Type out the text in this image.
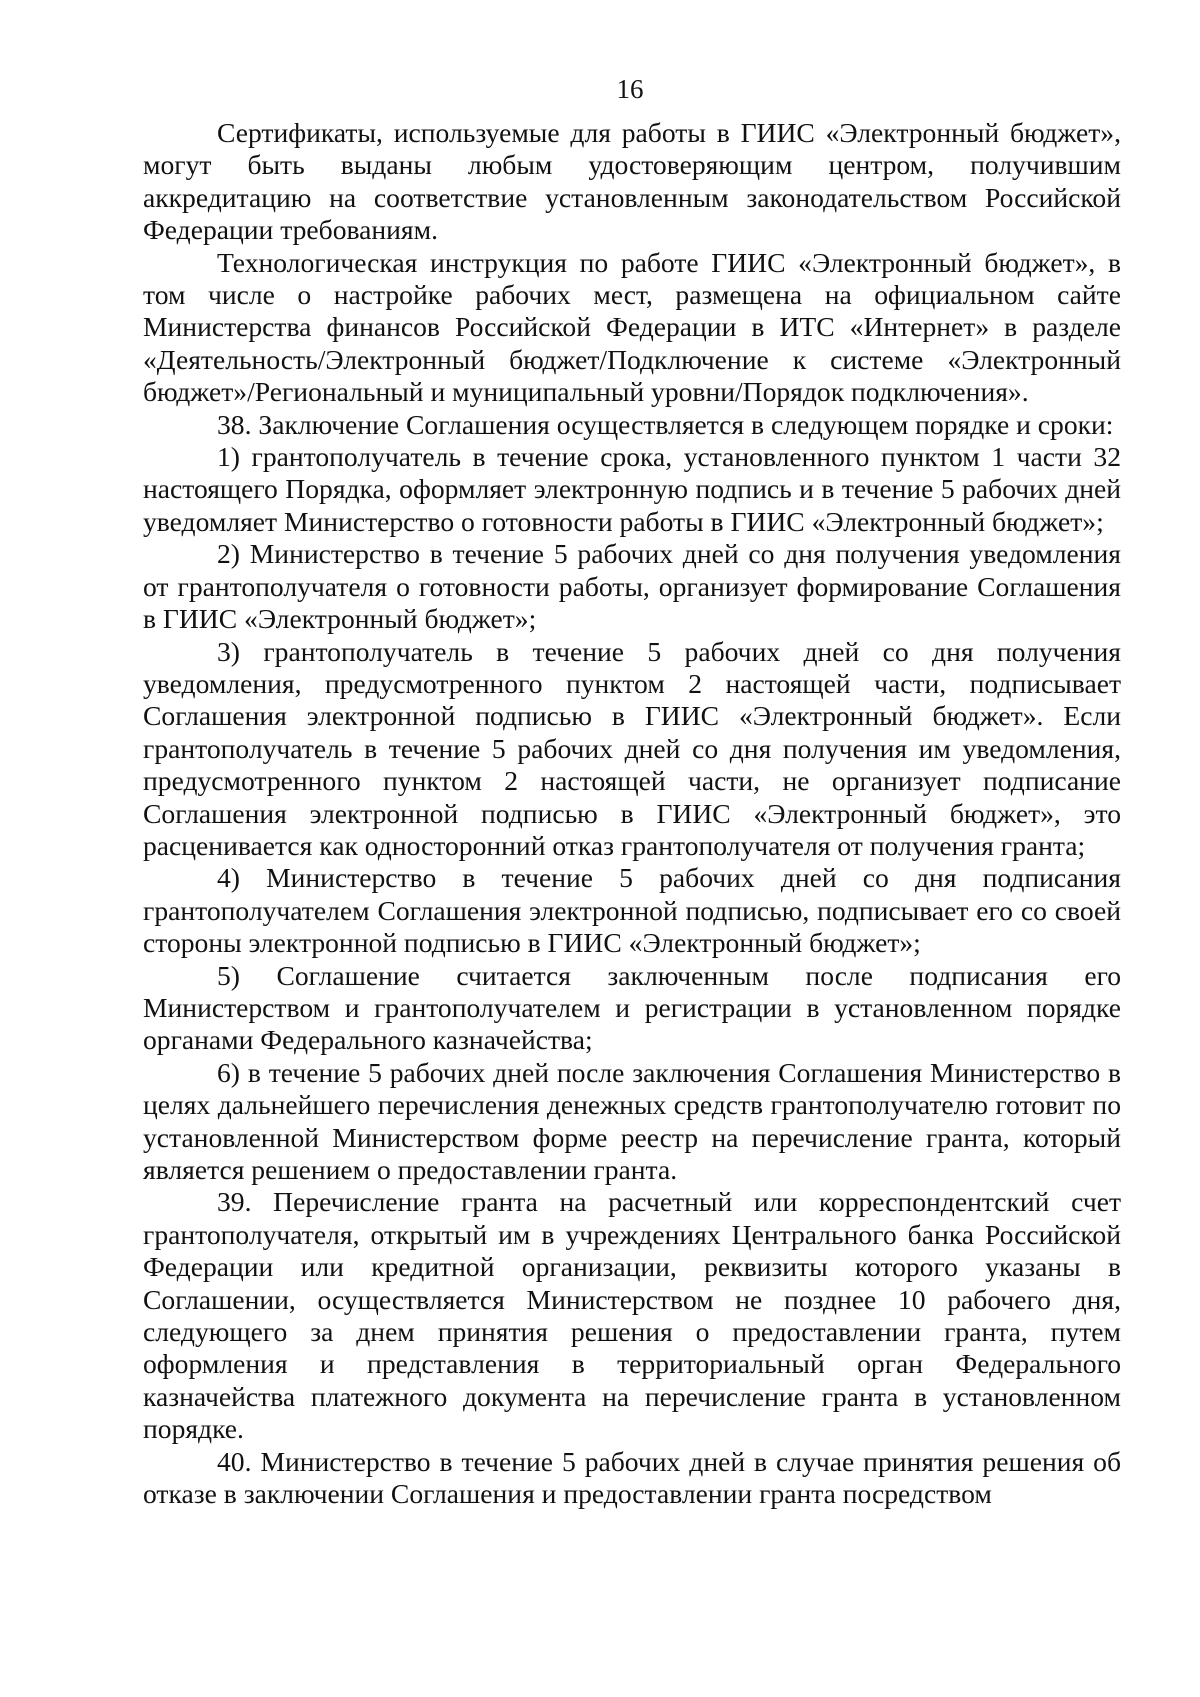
16

Сертификаты, используемые для работы в ГИИС «Электронный бюджет», могут быть выданы любым удостоверяющим центром, получившим аккредитацию на соответствие установленным законодательством Российской Федерации требованиям.

Технологическая инструкция по работе ГИИС «Электронный бюджет», в том числе о настройке рабочих мест, размещена на официальном сайте Министерства финансов Российской Федерации в ИТС «Интернет» в разделе «Деятельность/Электронный бюджет/Подключение к системе «Электронный бюджет»/Региональный и муниципальный уровни/Порядок подключения».

38. Заключение Соглашения осуществляется в следующем порядке и сроки:

1) грантополучатель в течение срока, установленного пунктом 1 части 32 настоящего Порядка, оформляет электронную подпись и в течение 5 рабочих дней уведомляет Министерство о готовности работы в ГИИС «Электронный бюджет»;

2) Министерство в течение 5 рабочих дней со дня получения уведомления от грантополучателя о готовности работы, организует формирование Соглашения в ГИИС «Электронный бюджет»;

3) грантополучатель в течение 5 рабочих дней со дня получения уведомления, предусмотренного пунктом 2 настоящей части, подписывает Соглашения электронной подписью в ГИИС «Электронный бюджет». Если грантополучатель в течение 5 рабочих дней со дня получения им уведомления, предусмотренного пунктом 2 настоящей части, не организует подписание Соглашения электронной подписью в ГИИС «Электронный бюджет», это расценивается как односторонний отказ грантополучателя от получения гранта;

4) Министерство в течение 5 рабочих дней со дня подписания грантополучателем Соглашения электронной подписью, подписывает его со своей стороны электронной подписью в ГИИС «Электронный бюджет»;

5) Соглашение считается заключенным после подписания его Министерством и грантополучателем и регистрации в установленном порядке органами Федерального казначейства;

6) в течение 5 рабочих дней после заключения Соглашения Министерство в целях дальнейшего перечисления денежных средств грантополучателю готовит по установленной Министерством форме реестр на перечисление гранта, который является решением о предоставлении гранта.

39. Перечисление гранта на расчетный или корреспондентский счет грантополучателя, открытый им в учреждениях Центрального банка Российской Федерации или кредитной организации, реквизиты которого указаны в Соглашении, осуществляется Министерством не позднее 10 рабочего дня, следующего за днем принятия решения о предоставлении гранта, путем оформления и представления в территориальный орган Федерального казначейства платежного документа на перечисление гранта в установленном порядке.

40. Министерство в течение 5 рабочих дней в случае принятия решения об отказе в заключении Соглашения и предоставлении гранта посредством
